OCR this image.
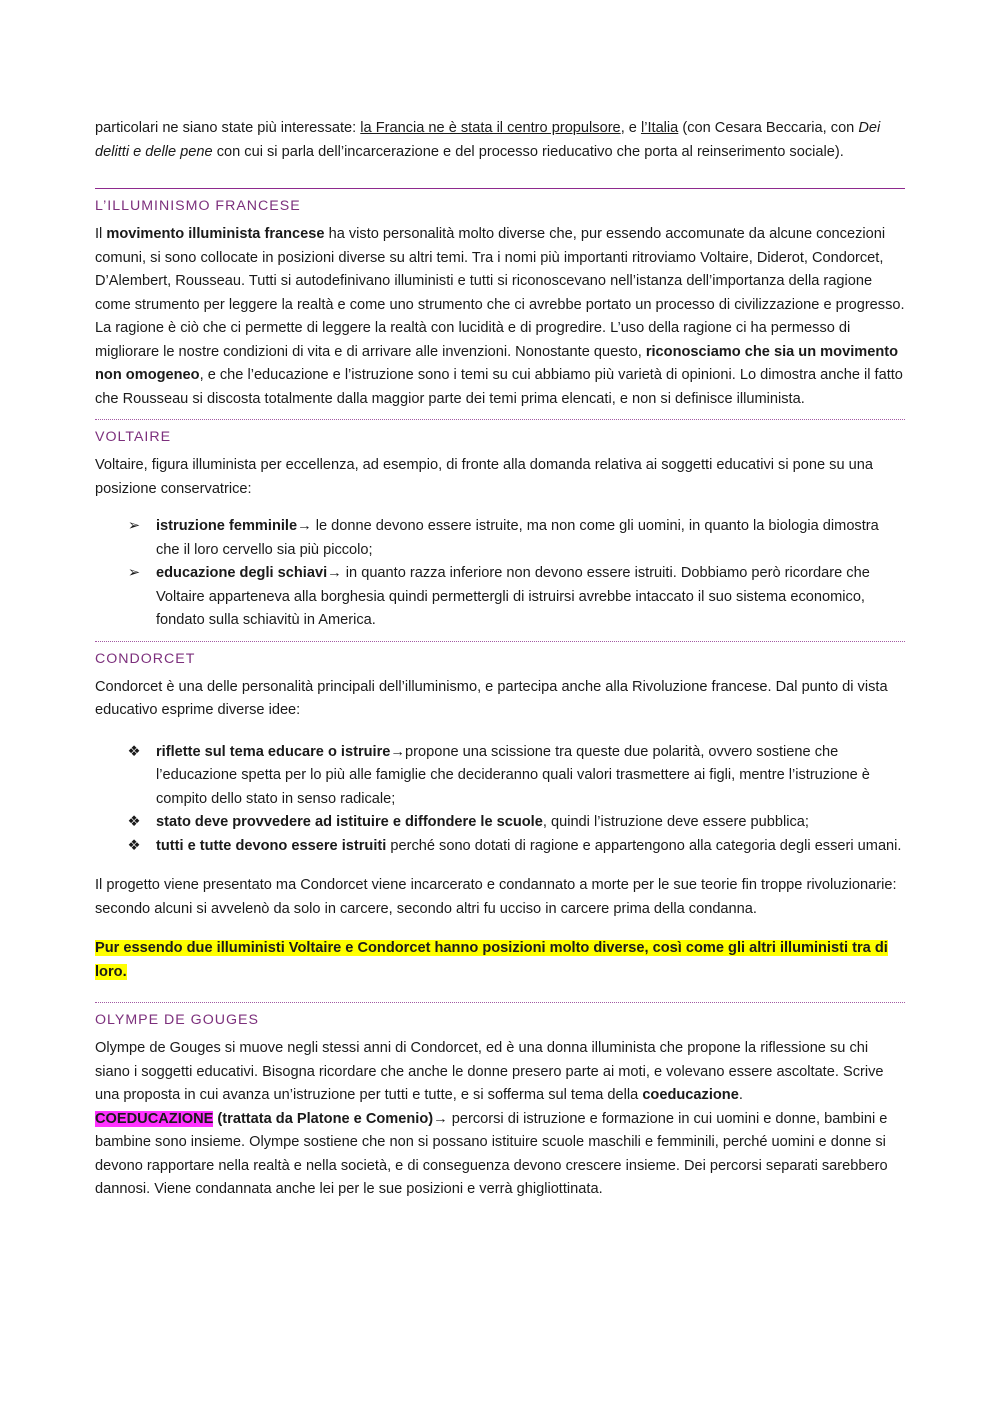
particolari ne siano state più interessate: la Francia ne è stata il centro propulsore, e l’Italia (con Cesara Beccaria, con Dei delitti e delle pene con cui si parla dell’incarcerazione e del processo rieducativo che porta al reinserimento sociale).

L’ILLUMINISMO FRANCESE

Il movimento illuminista francese ha visto personalità molto diverse che, pur essendo accomunate da alcune concezioni comuni, si sono collocate in posizioni diverse su altri temi. Tra i nomi più importanti ritroviamo Voltaire, Diderot, Condorcet, D’Alembert, Rousseau. Tutti si autodefinivano illuministi e tutti si riconoscevano nell’istanza dell’importanza della ragione come strumento per leggere la realtà e come uno strumento che ci avrebbe portato un processo di civilizzazione e progresso. La ragione è ciò che ci permette di leggere la realtà con lucidità e di progredire. L’uso della ragione ci ha permesso di migliorare le nostre condizioni di vita e di arrivare alle invenzioni. Nonostante questo, riconosciamo che sia un movimento non omogeneo, e che l’educazione e l’istruzione sono i temi su cui abbiamo più varietà di opinioni. Lo dimostra anche il fatto che Rousseau si discosta totalmente dalla maggior parte dei temi prima elencati, e non si definisce illuminista.

VOLTAIRE

Voltaire, figura illuminista per eccellenza, ad esempio, di fronte alla domanda relativa ai soggetti educativi si pone su una posizione conservatrice:

➢ istruzione femminile→ le donne devono essere istruite, ma non come gli uomini, in quanto la biologia dimostra che il loro cervello sia più piccolo;
➢ educazione degli schiavi→ in quanto razza inferiore non devono essere istruiti. Dobbiamo però ricordare che Voltaire apparteneva alla borghesia quindi permettergli di istruirsi avrebbe intaccato il suo sistema economico, fondato sulla schiavitù in America.
CONDORCET

Condorcet è una delle personalità principali dell’illuminismo, e partecipa anche alla Rivoluzione francese. Dal punto di vista educativo esprime diverse idee:

❖ riflette sul tema educare o istruire→propone una scissione tra queste due polarità, ovvero sostiene che l’educazione spetta per lo più alle famiglie che decideranno quali valori trasmettere ai figli, mentre l’istruzione è compito dello stato in senso radicale;
❖ stato deve provvedere ad istituire e diffondere le scuole, quindi l’istruzione deve essere pubblica;
❖ tutti e tutte devono essere istruiti perché sono dotati di ragione e appartengono alla categoria degli esseri umani.

Il progetto viene presentato ma Condorcet viene incarcerato e condannato a morte per le sue teorie fin troppe rivoluzionarie: secondo alcuni si avvelenò da solo in carcere, secondo altri fu ucciso in carcere prima della condanna.

Pur essendo due illuministi Voltaire e Condorcet hanno posizioni molto diverse, così come gli altri illuministi tra di loro.

OLYMPE DE GOUGES

Olympe de Gouges si muove negli stessi anni di Condorcet, ed è una donna illuminista che propone la riflessione su chi siano i soggetti educativi. Bisogna ricordare che anche le donne presero parte ai moti, e volevano essere ascoltate. Scrive una proposta in cui avanza un’istruzione per tutti e tutte, e si sofferma sul tema della coeducazione.
COEDUCAZIONE (trattata da Platone e Comenio)→ percorsi di istruzione e formazione in cui uomini e donne, bambini e bambine sono insieme. Olympe sostiene che non si possano istituire scuole maschili e femminili, perché uomini e donne si devono rapportare nella realtà e nella società, e di conseguenza devono crescere insieme. Dei percorsi separati sarebbero dannosi. Viene condannata anche lei per le sue posizioni e verrà ghigliottinata.
